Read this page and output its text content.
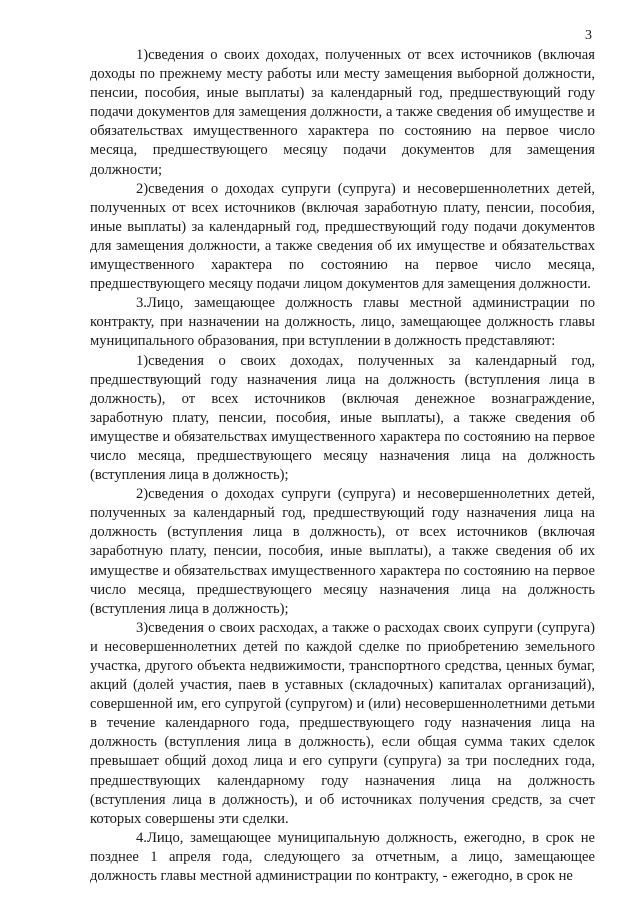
3

1)сведения о своих доходах, полученных от всех источников (включая доходы по прежнему месту работы или месту замещения выборной должности, пенсии, пособия, иные выплаты) за календарный год, предшествующий году подачи документов для замещения должности, а также сведения об имуществе и обязательствах имущественного характера по состоянию на первое число месяца, предшествующего месяцу подачи документов для замещения должности;

2)сведения о доходах супруги (супруга) и несовершеннолетних детей, полученных от всех источников (включая заработную плату, пенсии, пособия, иные выплаты) за календарный год, предшествующий году подачи документов для замещения должности, а также сведения об их имуществе и обязательствах имущественного характера по состоянию на первое число месяца, предшествующего месяцу подачи лицом документов для замещения должности.

3.Лицо, замещающее должность главы местной администрации по контракту, при назначении на должность, лицо, замещающее должность главы муниципального образования, при вступлении в должность представляют:

1)сведения о своих доходах, полученных за календарный год, предшествующий году назначения лица на должность (вступления лица в должность), от всех источников (включая денежное вознаграждение, заработную плату, пенсии, пособия, иные выплаты), а также сведения об имуществе и обязательствах имущественного характера по состоянию на первое число месяца, предшествующего месяцу назначения лица на должность (вступления лица в должность);

2)сведения о доходах супруги (супруга) и несовершеннолетних детей, полученных за календарный год, предшествующий году назначения лица на должность (вступления лица в должность), от всех источников (включая заработную плату, пенсии, пособия, иные выплаты), а также сведения об их имуществе и обязательствах имущественного характера по состоянию на первое число месяца, предшествующего месяцу назначения лица на должность (вступления лица в должность);

3)сведения о своих расходах, а также о расходах своих супруги (супруга) и несовершеннолетних детей по каждой сделке по приобретению земельного участка, другого объекта недвижимости, транспортного средства, ценных бумаг, акций (долей участия, паев в уставных (складочных) капиталах организаций), совершенной им, его супругой (супругом) и (или) несовершеннолетними детьми в течение календарного года, предшествующего году назначения лица на должность (вступления лица в должность), если общая сумма таких сделок превышает общий доход лица и его супруги (супруга) за три последних года, предшествующих календарному году назначения лица на должность (вступления лица в должность), и об источниках получения средств, за счет которых совершены эти сделки.

4.Лицо, замещающее муниципальную должность, ежегодно, в срок не позднее 1 апреля года, следующего за отчетным, а лицо, замещающее должность главы местной администрации по контракту, - ежегодно, в срок не
